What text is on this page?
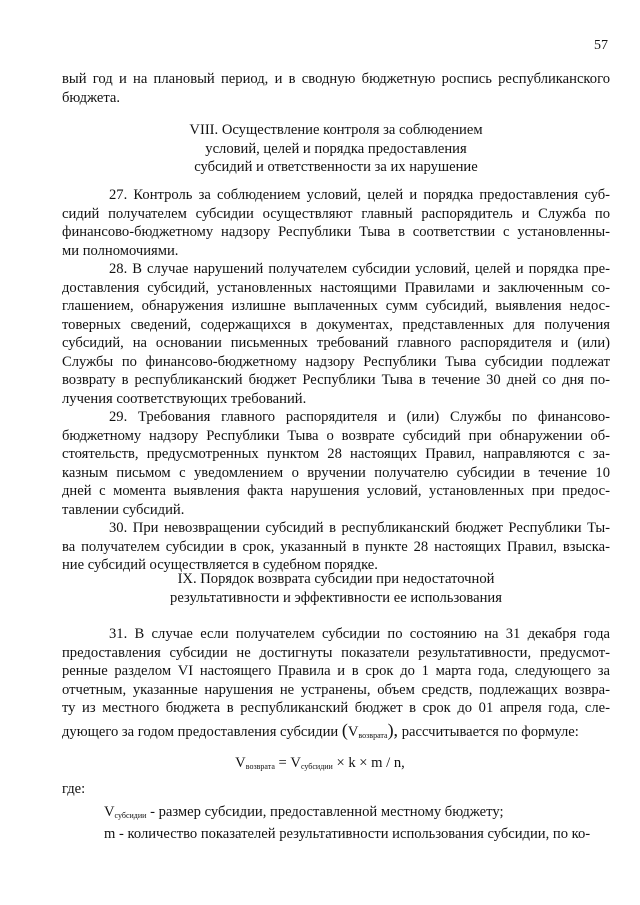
57
вый год и на плановый период, и в сводную бюджетную роспись республиканского
бюджета.
VIII. Осуществление контроля за соблюдением
условий, целей и порядка предоставления
субсидий и ответственности за их нарушение
27. Контроль за соблюдением условий, целей и порядка предоставления суб-
сидий получателем субсидии осуществляют главный распорядитель и Служба по
финансово-бюджетному надзору Республики Тыва в соответствии с установленны-
ми полномочиями.
28. В случае нарушений получателем субсидии условий, целей и порядка пре-
доставления субсидий, установленных настоящими Правилами и заключенным со-
глашением, обнаружения излишне выплаченных сумм субсидий, выявления недос-
товерных сведений, содержащихся в документах, представленных для получения
субсидий, на основании письменных требований главного распорядителя и (или)
Службы по финансово-бюджетному надзору Республики Тыва субсидии подлежат
возврату в республиканский бюджет Республики Тыва в течение 30 дней со дня по-
лучения соответствующих требований.
29. Требования главного распорядителя и (или) Службы по финансово-
бюджетному надзору Республики Тыва о возврате субсидий при обнаружении об-
стоятельств, предусмотренных пунктом 28 настоящих Правил, направляются с за-
казным письмом с уведомлением о вручении получателю субсидии в течение 10
дней с момента выявления факта нарушения условий, установленных при предос-
тавлении субсидий.
30. При невозвращении субсидий в республиканский бюджет Республики Ты-
ва получателем субсидии в срок, указанный в пункте 28 настоящих Правил, взыска-
ние субсидий осуществляется в судебном порядке.
IX. Порядок возврата субсидии при недостаточной
результативности и эффективности ее использования
31. В случае если получателем субсидии по состоянию на 31 декабря года
предоставления субсидии не достигнуты показатели результативности, предусмот-
ренные разделом VI настоящего Правила и в срок до 1 марта года, следующего за
отчетным, указанные нарушения не устранены, объем средств, подлежащих возвра-
ту из местного бюджета в республиканский бюджет в срок до 01 апреля года, сле-
дующего за годом предоставления субсидии $(V_{возврата})$, рассчитывается по формуле:
$V_{возврата} = V_{субсидии} \times k \times m / n$,
где:
$V_{субсидии}$ - размер субсидии, предоставленной местному бюджету;
m - количество показателей результативности использования субсидии, по ко-
